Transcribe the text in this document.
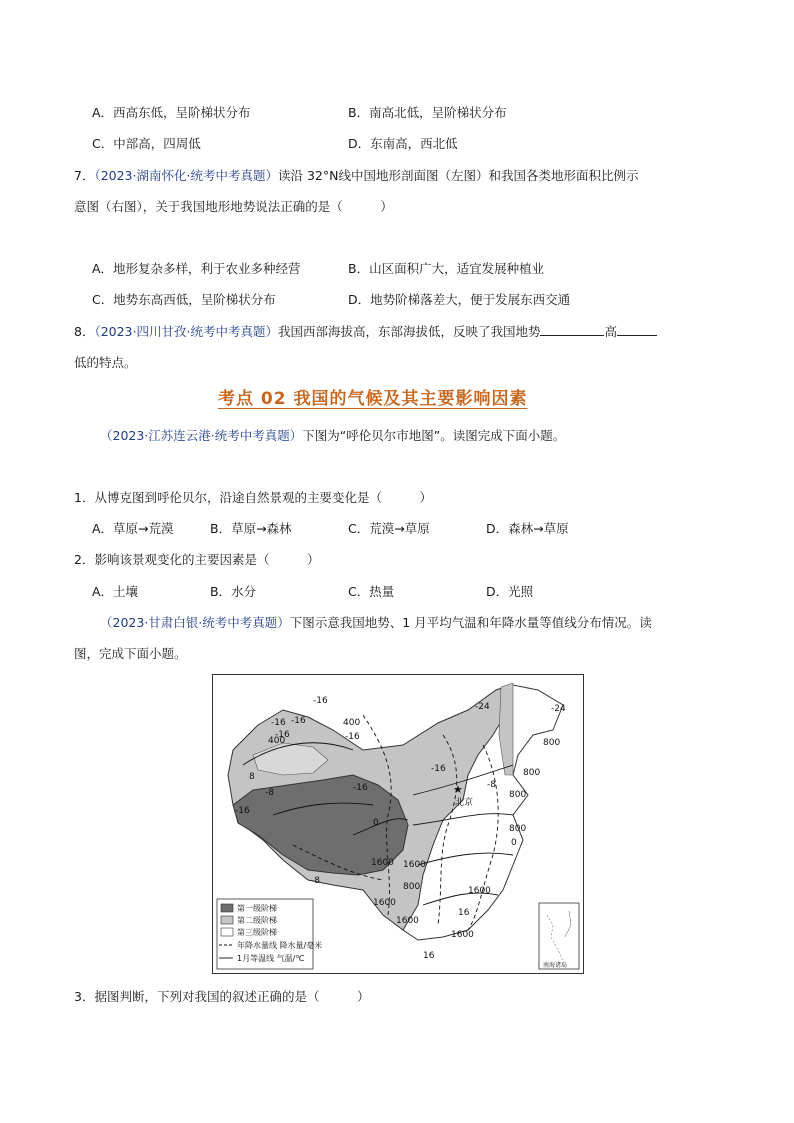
A．西高东低，呈阶梯状分布	B．南高北低，呈阶梯状分布
C．中部高，四周低	D．东南高，西北低
7．（2023·湖南怀化·统考中考真题）读沿 32°N线中国地形剖面图（左图）和我国各类地形面积比例示
意图（右图），关于我国地形地势说法正确的是（　　　）
A．地形复杂多样，利于农业多种经营	B．山区面积广大，适宜发展种植业
C．地势东高西低，呈阶梯状分布	D．地势阶梯落差大，便于发展东西交通
8．（2023·四川甘孜·统考中考真题）我国西部海拔高，东部海拔低，反映了我国地势	高
低的特点。
考点 02 我国的气候及其主要影响因素
（2023·江苏连云港·统考中考真题）下图为“呼伦贝尔市地图”。读图完成下面小题。
1．从博克图到呼伦贝尔，沿途自然景观的主要变化是（　　　）
A．草原→荒漠	B．草原→森林	C．荒漠→草原	D．森林→草原
2．影响该景观变化的主要因素是（　　　）
A．土壤	B．水分	C．热量	D．光照
（2023·甘肃白银·统考中考真题）下图示意我国地势、1 月平均气温和年降水量等值线分布情况。读
图，完成下面小题。
★
北京
-16
-16 -16	400
-16
-16
400
-8
-16
-16
-24	-24
800
-16
-8
800
800
800
0
1600 1600
-8
1600
1600
1600
1600
16
8
800
0
16
第一级阶梯
第二级阶梯
第三级阶梯
年降水量线 降水量/毫米
1月等温线 气温/℃
南海诸岛
3．据图判断，下列对我国的叙述正确的是（　　　）
